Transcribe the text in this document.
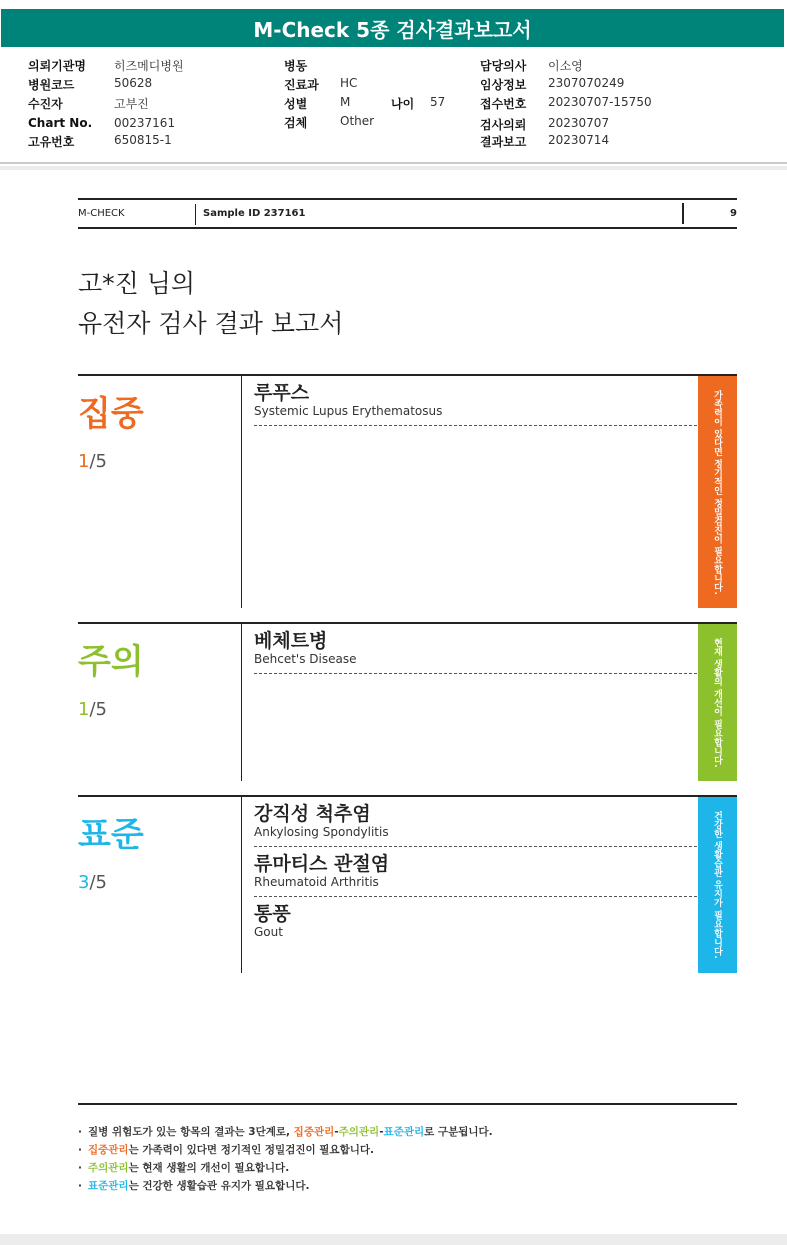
M-Check 5종 검사결과보고서
의뢰기관명 히즈메디병원
병원코드	50628
수진자	고부진
Chart No. 00237161
고유번호	650815-1
병동
진료과 HC
성별	M	나이 57
검체	Other
담당의사 이소영
임상정보 2307070249
접수번호 20230707-15750
검사의뢰 20230707
결과보고 20230714
M-CHECK	Sample ID 237161	9
고*진 님의
유전자 검사 결과 보고서
집중
1/5
루푸스
Systemic Lupus Erythematosus	가족력이 있다면 정기적인 정밀검진이 필요합니다.
주의
1/5
베체트병
Behcet's Disease	현재 생활의 개선이 필요합니다.
표준
3/5
강직성 척추염
Ankylosing Spondylitis
류마티스 관절염
Rheumatoid Arthritis
통풍
Gout	건강한 생활습관 유지가 필요합니다.
· 질병 위험도가 있는 항목의 결과는 3단계로, 집중관리-주의관리-표준관리로 구분됩니다.
· 집중관리는 가족력이 있다면 정기적인 정밀검진이 필요합니다.
· 주의관리는 현재 생활의 개선이 필요합니다.
· 표준관리는 건강한 생활습관 유지가 필요합니다.
